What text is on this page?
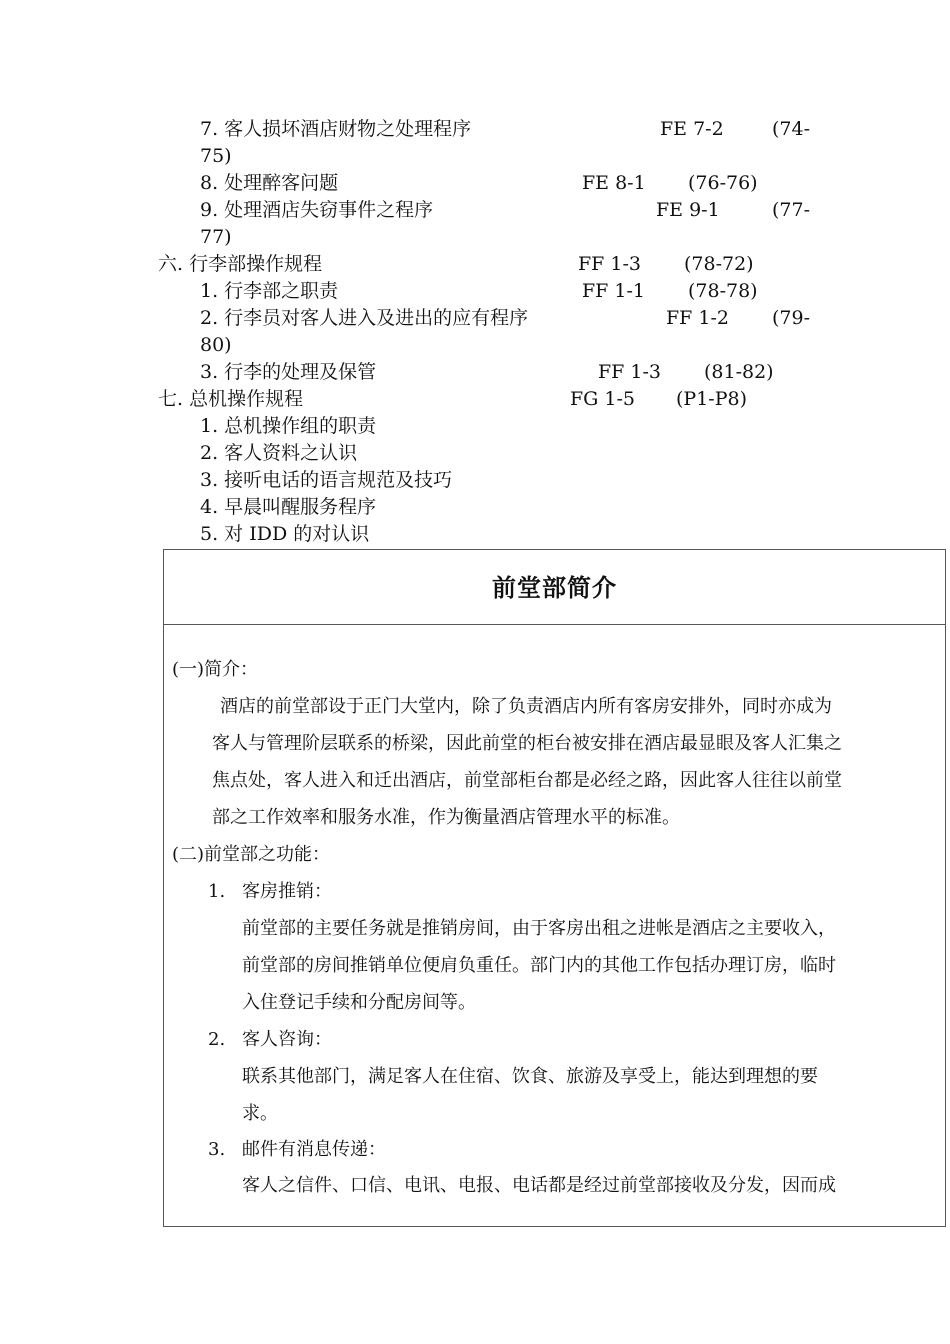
7. 客人损坏酒店财物之处理程序	FE 7-2	(74-
75)
8. 处理醉客问题	FE 8-1 (76-76)
9. 处理酒店失窃事件之程序	FE 9-1	(77-
77)
六. 行李部操作规程	FF 1-3 (78-72)
1. 行李部之职责	FF 1-1 (78-78)
2. 行李员对客人进入及进出的应有程序	FF 1-2 (79-
80)
3. 行李的处理及保管	FF 1-3 (81-82)
七. 总机操作规程	FG 1-5 (P1-P8)
1. 总机操作组的职责
2. 客人资料之认识
3. 接听电话的语言规范及技巧
4. 早晨叫醒服务程序
5. 对 IDD 的对认识
前堂部简介
(一)简介：
酒店的前堂部设于正门大堂内，除了负责酒店内所有客房安排外，同时亦成为
客人与管理阶层联系的桥梁，因此前堂的柜台被安排在酒店最显眼及客人汇集之
焦点处，客人进入和迁出酒店，前堂部柜台都是必经之路，因此客人往往以前堂
部之工作效率和服务水准，作为衡量酒店管理水平的标准。
(二)前堂部之功能：
1. 客房推销：
前堂部的主要任务就是推销房间，由于客房出租之进帐是酒店之主要收入，
前堂部的房间推销单位便肩负重任。部门内的其他工作包括办理订房，临时
入住登记手续和分配房间等。
2. 客人咨询：
联系其他部门，满足客人在住宿、饮食、旅游及享受上，能达到理想的要
求。
3. 邮件有消息传递：
客人之信件、口信、电讯、电报、电话都是经过前堂部接收及分发，因而成
